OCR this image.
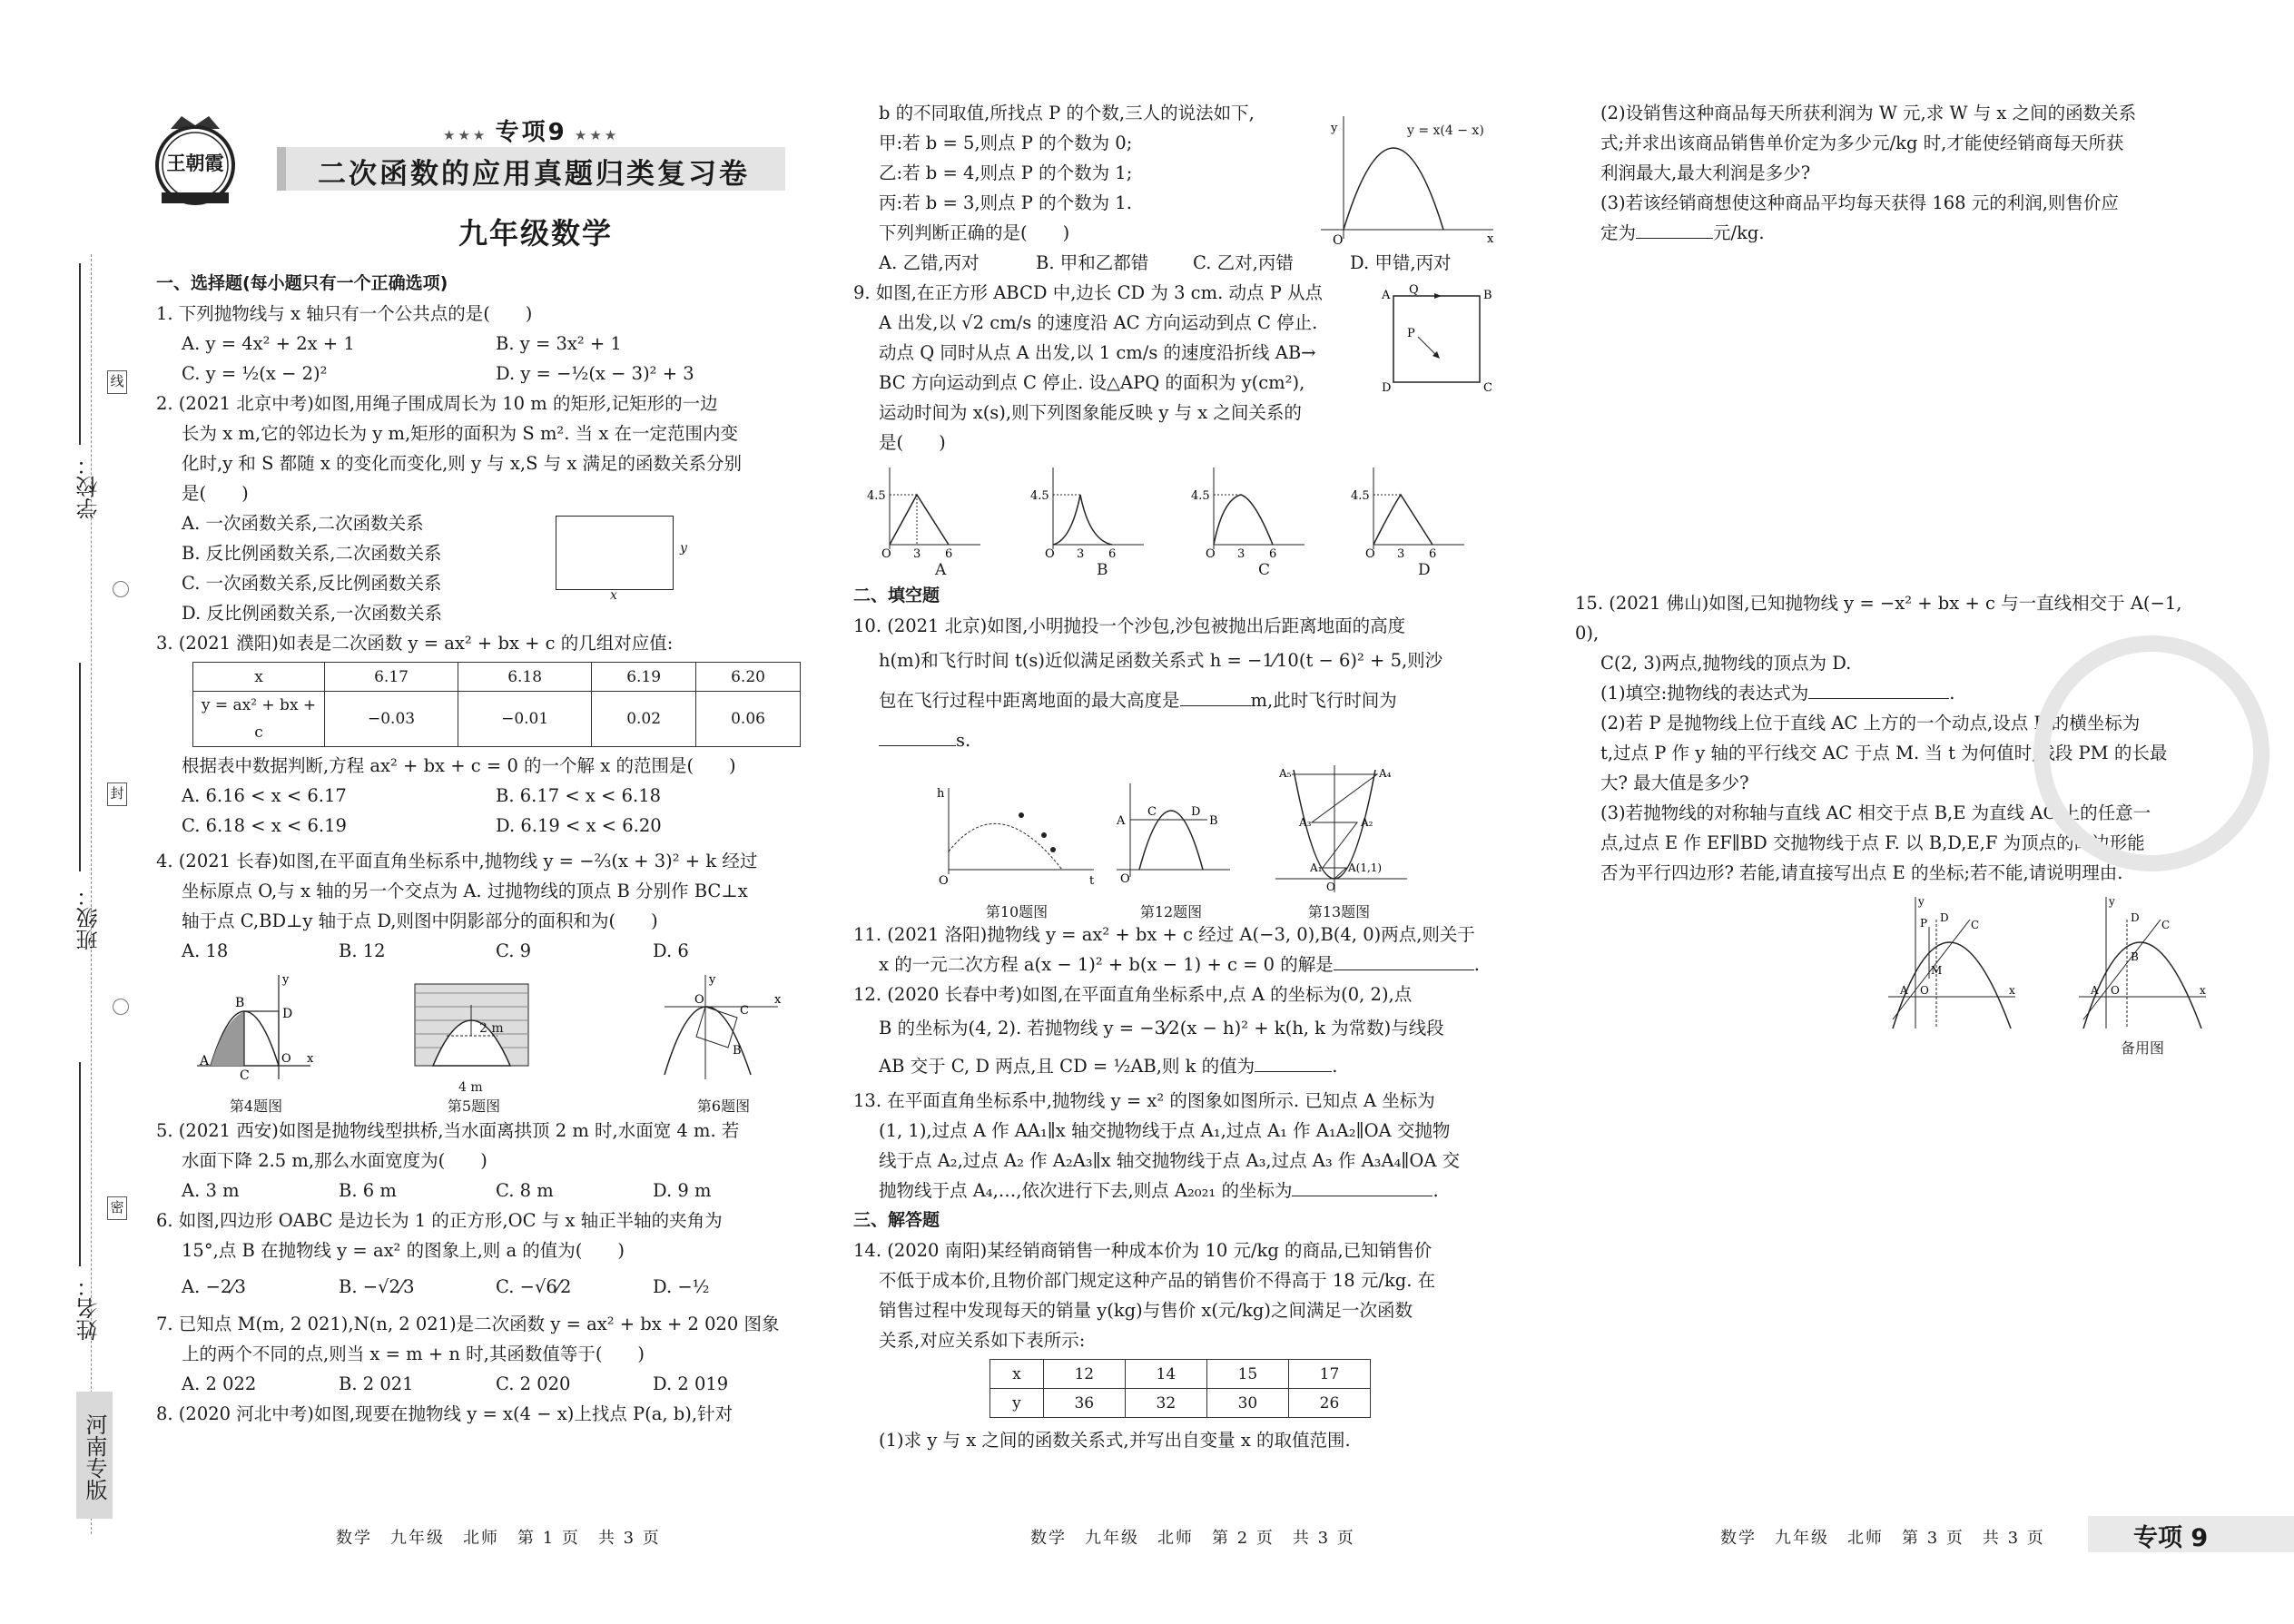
学校：
班级：
姓名：
线
封
密
河南专版
王朝霞
★★★ 专项9 ★★★
二次函数的应用真题归类复习卷
九年级数学
一、选择题(每小题只有一个正确选项)
1. 下列抛物线与 x 轴只有一个公共点的是(　　)
A. y = 4x² + 2x + 1	B. y = 3x² + 1
C. y = ½(x − 2)²	D. y = −½(x − 3)² + 3
2. (2021 北京中考)如图,用绳子围成周长为 10 m 的矩形,记矩形的一边
长为 x m,它的邻边长为 y m,矩形的面积为 S m². 当 x 在一定范围内变
化时,y 和 S 都随 x 的变化而变化,则 y 与 x,S 与 x 满足的函数关系分别
是(　　)
A. 一次函数关系,二次函数关系
B. 反比例函数关系,二次函数关系
C. 一次函数关系,反比例函数关系
D. 反比例函数关系,一次函数关系
y
x
3. (2021 濮阳)如表是二次函数 y = ax² + bx + c 的几组对应值:
x	6.17	6.18	6.19	6.20
y = ax² + bx + c	−0.03	−0.01	0.02	0.06
根据表中数据判断,方程 ax² + bx + c = 0 的一个解 x 的范围是(　　)
A. 6.16 < x < 6.17	B. 6.17 < x < 6.18
C. 6.18 < x < 6.19	D. 6.19 < x < 6.20
4. (2021 长春)如图,在平面直角坐标系中,抛物线 y = −⅔(x + 3)² + k 经过
坐标原点 O,与 x 轴的另一个交点为 A. 过抛物线的顶点 B 分别作 BC⊥x
轴于点 C,BD⊥y 轴于点 D,则图中阴影部分的面积和为(　　)
A. 18	B. 12	C. 9	D. 6
A
B
C
D
O x
y
2 m
4 m
O
C
B
x
y
第4题图	第5题图	第6题图
5. (2021 西安)如图是抛物线型拱桥,当水面离拱顶 2 m 时,水面宽 4 m. 若
水面下降 2.5 m,那么水面宽度为(　　)
A. 3 m	B. 6 m	C. 8 m	D. 9 m
6. 如图,四边形 OABC 是边长为 1 的正方形,OC 与 x 轴正半轴的夹角为
15°,点 B 在抛物线 y = ax² 的图象上,则 a 的值为(　　)
A. −2⁄3	B. −√2⁄3	C. −√6⁄2	D. −½
7. 已知点 M(m, 2 021),N(n, 2 021)是二次函数 y = ax² + bx + 2 020 图象
上的两个不同的点,则当 x = m + n 时,其函数值等于(　　)
A. 2 022	B. 2 021	C. 2 020	D. 2 019
8. (2020 河北中考)如图,现要在抛物线 y = x(4 − x)上找点 P(a, b),针对
b 的不同取值,所找点 P 的个数,三人的说法如下,
甲:若 b = 5,则点 P 的个数为 0;
乙:若 b = 4,则点 P 的个数为 1;
丙:若 b = 3,则点 P 的个数为 1.
下列判断正确的是(　　)
A. 乙错,丙对	B. 甲和乙都错	C. 乙对,丙错	D. 甲错,丙对
O	x
y	y = x(4 − x)
9. 如图,在正方形 ABCD 中,边长 CD 为 3 cm. 动点 P 从点
A 出发,以 √2 cm/s 的速度沿 AC 方向运动到点 C 停止.
动点 Q 同时从点 A 出发,以 1 cm/s 的速度沿折线 AB→
BC 方向运动到点 C 停止. 设△APQ 的面积为 y(cm²),
运动时间为 x(s),则下列图象能反映 y 与 x 之间关系的
是(　　)
A Q	B
P
D	C
4.5
O 3 6
4.5
O 3 6
4.5
O 3 6
4.5
O 3 6
A	B	C	D
二、填空题
10. (2021 北京)如图,小明抛投一个沙包,沙包被抛出后距离地面的高度
h(m)和飞行时间 t(s)近似满足函数关系式 h = −1⁄10(t − 6)² + 5,则沙
包在飞行过程中距离地面的最大高度是	m,此时飞行时间为
s.
h
O	t
A	B
C	D
O
A₅	A₄
A₃	A₂
A₁ A(1,1)
O
第10题图	第12题图	第13题图
11. (2021 洛阳)抛物线 y = ax² + bx + c 经过 A(−3, 0),B(4, 0)两点,则关于
x 的一元二次方程 a(x − 1)² + b(x − 1) + c = 0 的解是	.
12. (2020 长春中考)如图,在平面直角坐标系中,点 A 的坐标为(0, 2),点
B 的坐标为(4, 2). 若抛物线 y = −3⁄2(x − h)² + k(h, k 为常数)与线段
AB 交于 C, D 两点,且 CD = ½AB,则 k 的值为	.
13. 在平面直角坐标系中,抛物线 y = x² 的图象如图所示. 已知点 A 坐标为
(1, 1),过点 A 作 AA₁∥x 轴交抛物线于点 A₁,过点 A₁ 作 A₁A₂∥OA 交抛物
线于点 A₂,过点 A₂ 作 A₂A₃∥x 轴交抛物线于点 A₃,过点 A₃ 作 A₃A₄∥OA 交
抛物线于点 A₄,…,依次进行下去,则点 A₂₀₂₁ 的坐标为	.
三、解答题
14. (2020 南阳)某经销商销售一种成本价为 10 元/kg 的商品,已知销售价
不低于成本价,且物价部门规定这种产品的销售价不得高于 18 元/kg. 在
销售过程中发现每天的销量 y(kg)与售价 x(元/kg)之间满足一次函数
关系,对应关系如下表所示:
x	12	14	15	17
y	36	32	30	26
(1)求 y 与 x 之间的函数关系式,并写出自变量 x 的取值范围.
(2)设销售这种商品每天所获利润为 W 元,求 W 与 x 之间的函数关系
式;并求出该商品销售单价定为多少元/kg 时,才能使经销商每天所获
利润最大,最大利润是多少?
(3)若该经销商想使这种商品平均每天获得 168 元的利润,则售价应
定为	元/kg.
15. (2021 佛山)如图,已知抛物线 y = −x² + bx + c 与一直线相交于 A(−1, 0),
C(2, 3)两点,抛物线的顶点为 D.
(1)填空:抛物线的表达式为	.
(2)若 P 是抛物线上位于直线 AC 上方的一个动点,设点 P 的横坐标为
t,过点 P 作 y 轴的平行线交 AC 于点 M. 当 t 为何值时,线段 PM 的长最
大? 最大值是多少?
(3)若抛物线的对称轴与直线 AC 相交于点 B,E 为直线 AC 上的任意一
点,过点 E 作 EF∥BD 交抛物线于点 F. 以 B,D,E,F 为顶点的四边形能
否为平行四边形? 若能,请直接写出点 E 的坐标;若不能,请说明理由.
A O
C
D
P
M
x
y
A O
C
D
B
x
y
备用图
数学　九年级　北师　第 1 页　共 3 页	数学　九年级　北师　第 2 页　共 3 页	数学　九年级　北师　第 3 页　共 3 页	专项 9
